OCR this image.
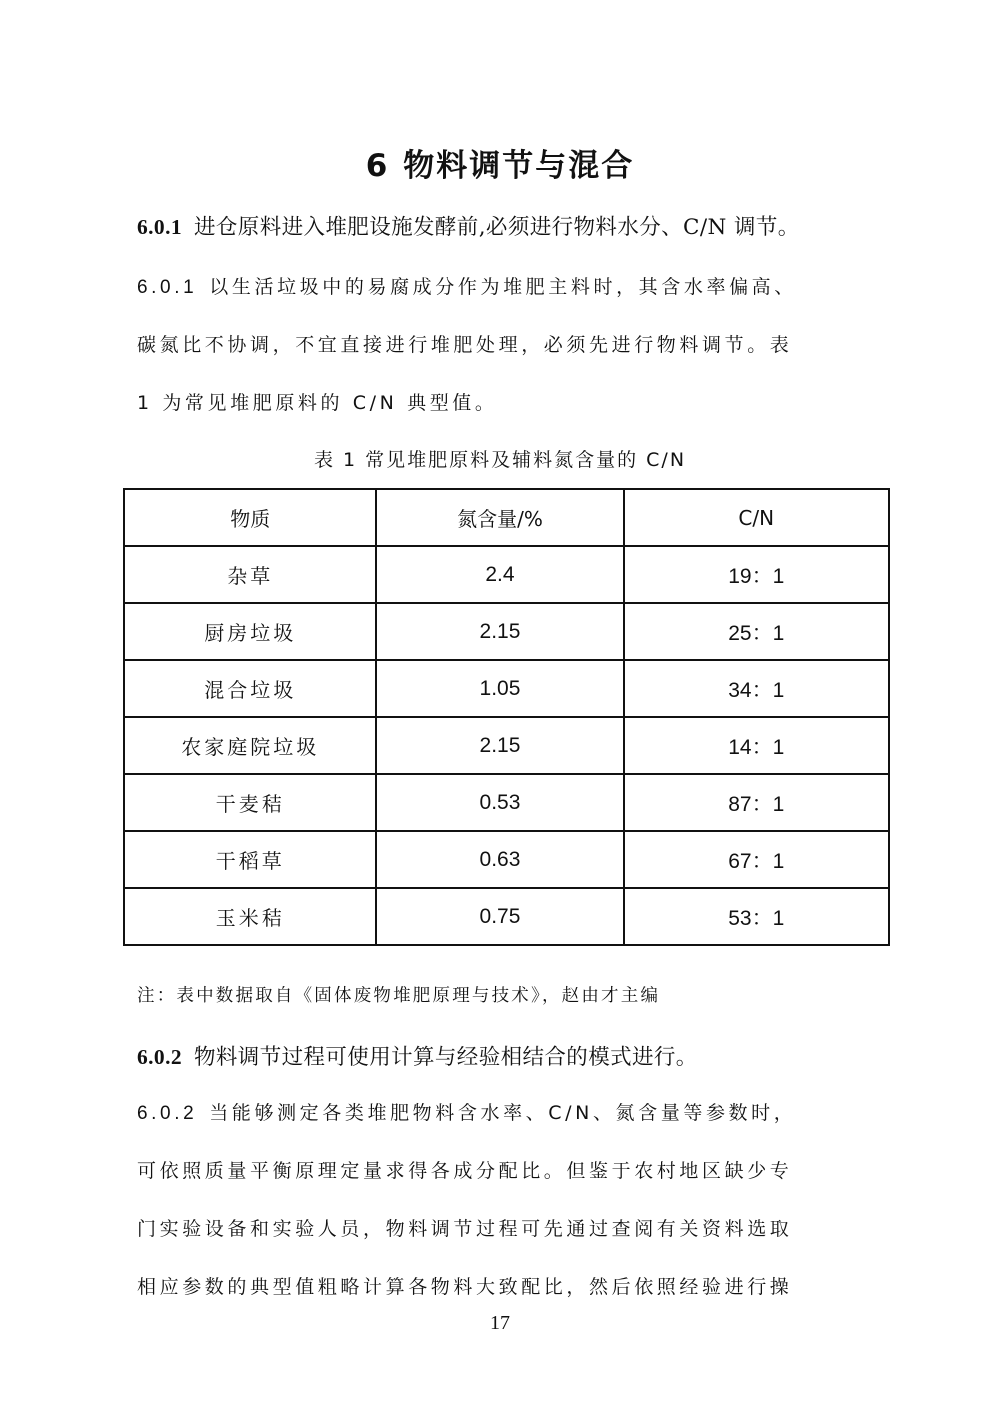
6 物料调节与混合
6.0.1 进仓原料进入堆肥设施发酵前,必须进行物料水分、C/N 调节。
6.0.1 以生活垃圾中的易腐成分作为堆肥主料时，其含水率偏高、
碳氮比不协调，不宜直接进行堆肥处理，必须先进行物料调节。表
1 为常见堆肥原料的 C/N 典型值。
表 1 常见堆肥原料及辅料氮含量的 C/N
物质	氮含量/%	C/N
杂草	2.4	19：1
厨房垃圾	2.15	25：1
混合垃圾	1.05	34：1
农家庭院垃圾	2.15	14：1
干麦秸	0.53	87：1
干稻草	0.63	67：1
玉米秸	0.75	53：1
注：表中数据取自《固体废物堆肥原理与技术》，赵由才主编
6.0.2 物料调节过程可使用计算与经验相结合的模式进行。
6.0.2 当能够测定各类堆肥物料含水率、C/N、氮含量等参数时，
可依照质量平衡原理定量求得各成分配比。但鉴于农村地区缺少专
门实验设备和实验人员，物料调节过程可先通过查阅有关资料选取
相应参数的典型值粗略计算各物料大致配比，然后依照经验进行操
17
